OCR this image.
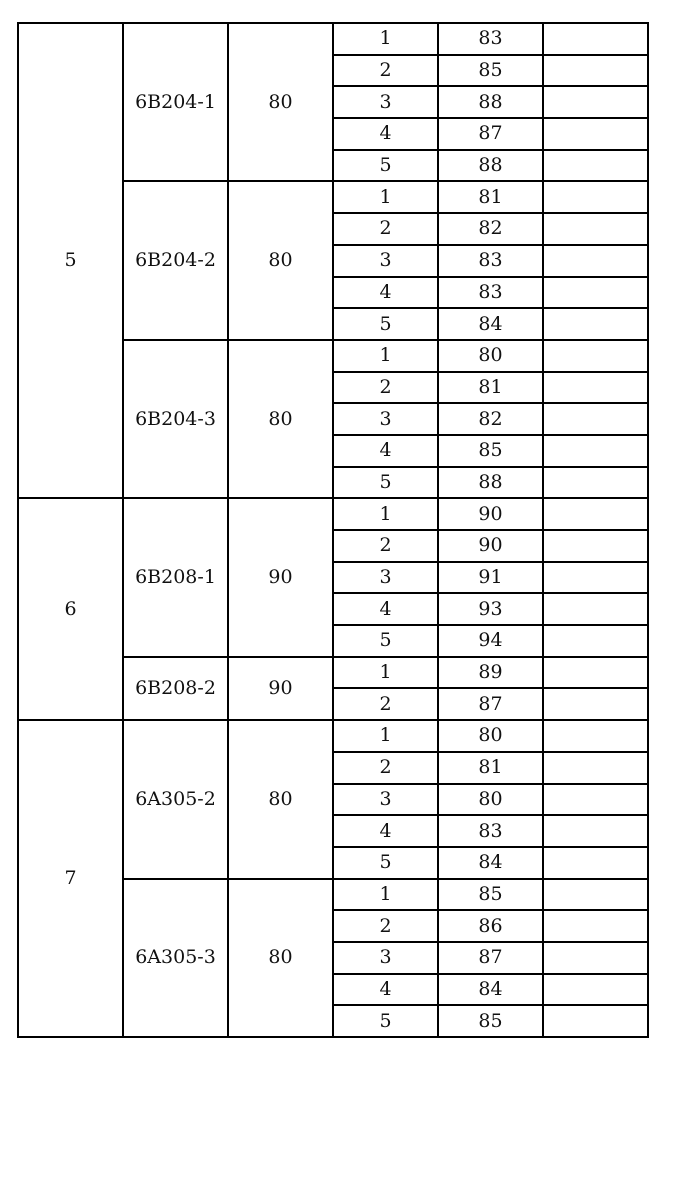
5	6B204-1	80	1	83	
			2	85	
			3	88	
			4	87	
			5	88	
	6B204-2	80	1	81	
			2	82	
			3	83	
			4	83	
			5	84	
	6B204-3	80	1	80	
			2	81	
			3	82	
			4	85	
			5	88	
6	6B208-1	90	1	90	
			2	90	
			3	91	
			4	93	
			5	94	
	6B208-2	90	1	89	
			2	87	
7	6A305-2	80	1	80	
			2	81	
			3	80	
			4	83	
			5	84	
	6A305-3	80	1	85	
			2	86	
			3	87	
			4	84	
			5	85	
